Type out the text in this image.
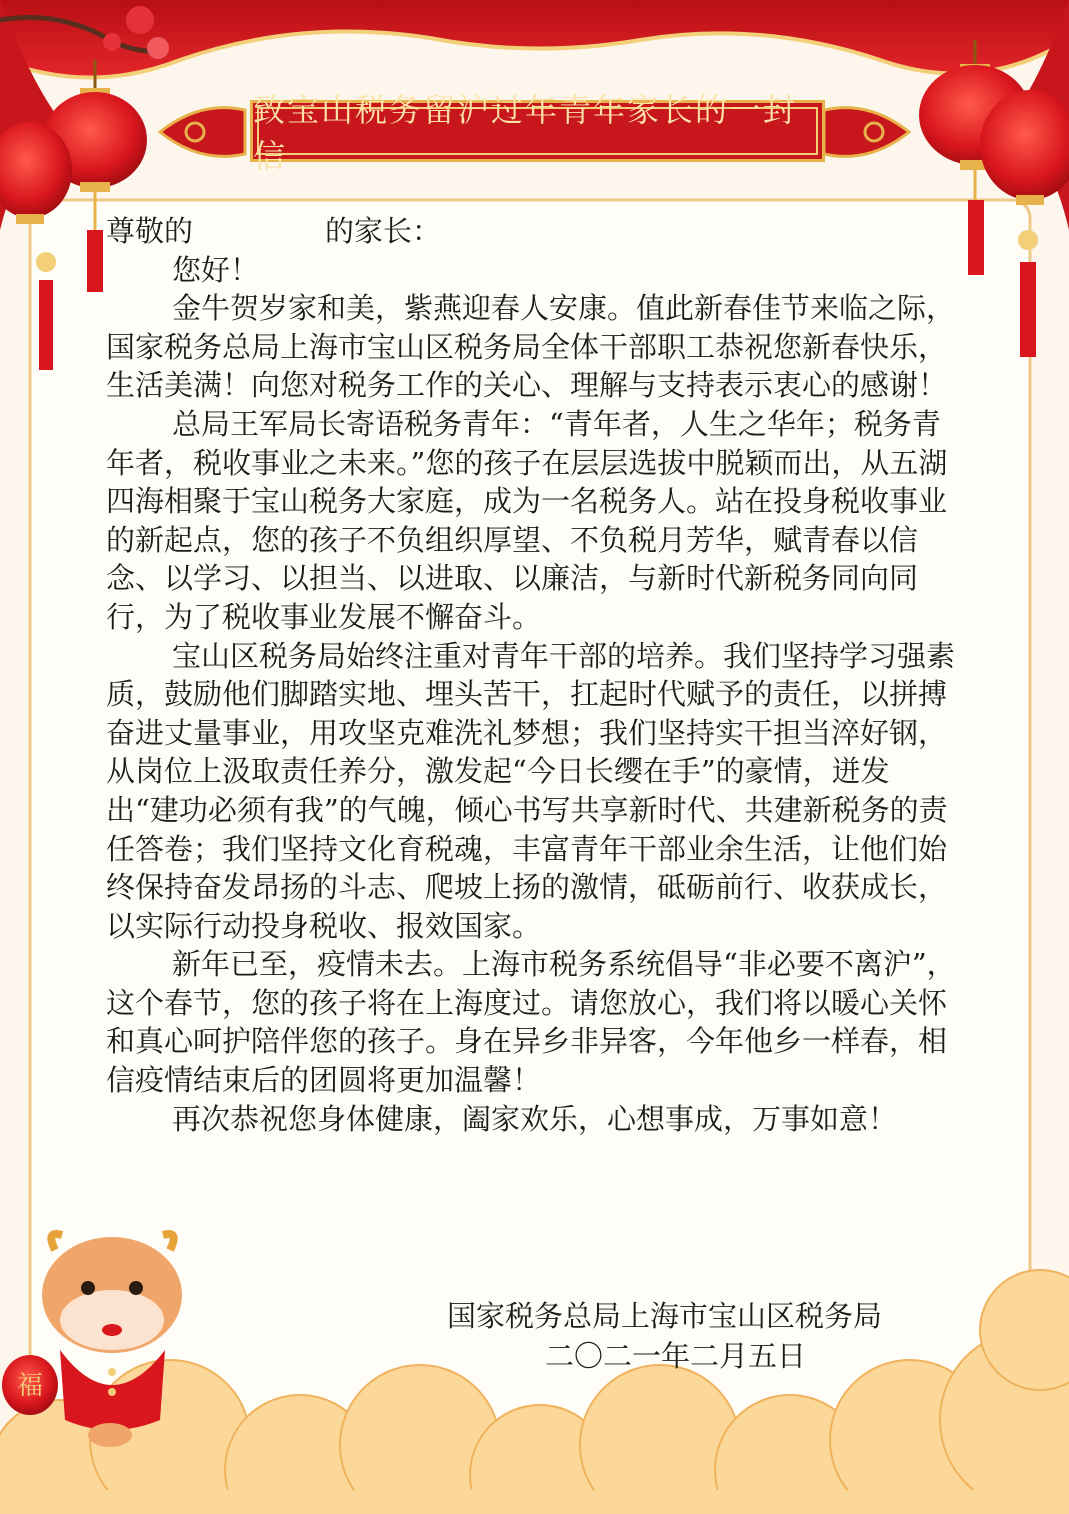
福
致宝山税务留沪过年青年家长的一封信

尊敬的	的家长：

您好！

金牛贺岁家和美，紫燕迎春人安康。值此新春佳节来临之际，国家税务总局上海市宝山区税务局全体干部职工恭祝您新春快乐，生活美满！向您对税务工作的关心、理解与支持表示衷心的感谢！

总局王军局长寄语税务青年：“青年者，人生之华年；税务青年者，税收事业之未来。”您的孩子在层层选拔中脱颖而出，从五湖四海相聚于宝山税务大家庭，成为一名税务人。站在投身税收事业的新起点，您的孩子不负组织厚望、不负税月芳华，赋青春以信念、以学习、以担当、以进取、以廉洁，与新时代新税务同向同行，为了税收事业发展不懈奋斗。

宝山区税务局始终注重对青年干部的培养。我们坚持学习强素质，鼓励他们脚踏实地、埋头苦干，扛起时代赋予的责任，以拼搏奋进丈量事业，用攻坚克难洗礼梦想；我们坚持实干担当淬好钢，从岗位上汲取责任养分，激发起“今日长缨在手”的豪情，迸发出“建功必须有我”的气魄，倾心书写共享新时代、共建新税务的责任答卷；我们坚持文化育税魂，丰富青年干部业余生活，让他们始终保持奋发昂扬的斗志、爬坡上扬的激情，砥砺前行、收获成长，以实际行动投身税收、报效国家。

新年已至，疫情未去。上海市税务系统倡导“非必要不离沪”，这个春节，您的孩子将在上海度过。请您放心，我们将以暖心关怀和真心呵护陪伴您的孩子。身在异乡非异客，今年他乡一样春，相信疫情结束后的团圆将更加温馨！

再次恭祝您身体健康，阖家欢乐，心想事成，万事如意！

国家税务总局上海市宝山区税务局
二〇二一年二月五日
